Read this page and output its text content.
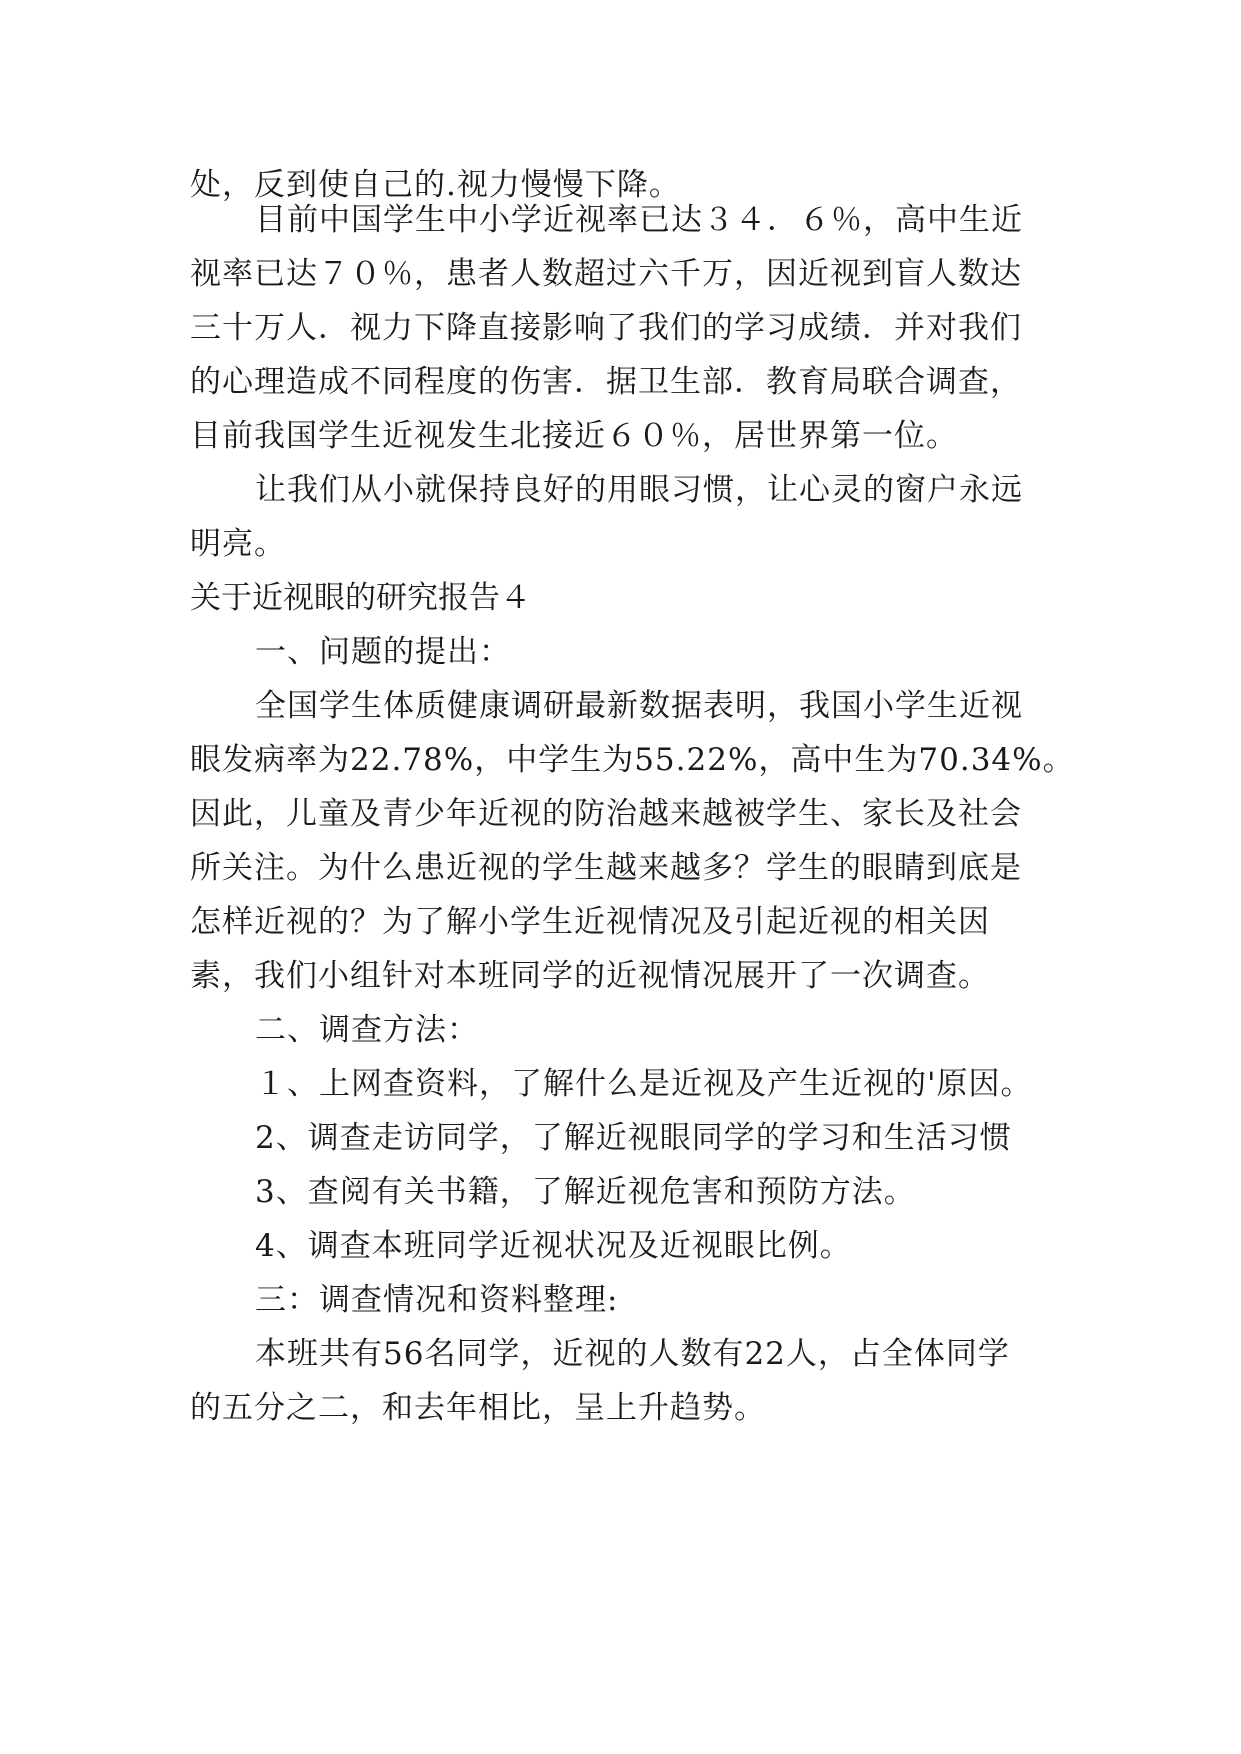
处，反到使自己的.视力慢慢下降。
目前中国学生中小学近视率已达３４．６％，高中生近
视率已达７０％，患者人数超过六千万，因近视到盲人数达
三十万人．视力下降直接影响了我们的学习成绩．并对我们
的心理造成不同程度的伤害．据卫生部．教育局联合调查，
目前我国学生近视发生北接近６０％，居世界第一位。
让我们从小就保持良好的用眼习惯，让心灵的窗户永远
明亮。
关于近视眼的研究报告４
一、问题的提出：
全国学生体质健康调研最新数据表明，我国小学生近视
眼发病率为22.78%，中学生为55.22%，高中生为70.34%。
因此，儿童及青少年近视的防治越来越被学生、家长及社会
所关注。为什么患近视的学生越来越多？学生的眼睛到底是
怎样近视的？为了解小学生近视情况及引起近视的相关因
素，我们小组针对本班同学的近视情况展开了一次调查。
二、调查方法：
１、上网查资料，了解什么是近视及产生近视的'原因。
2、调查走访同学，了解近视眼同学的学习和生活习惯
3、查阅有关书籍，了解近视危害和预防方法。
4、调查本班同学近视状况及近视眼比例。
三：调查情况和资料整理:
本班共有56名同学，近视的人数有22人，占全体同学
的五分之二，和去年相比，呈上升趋势。
